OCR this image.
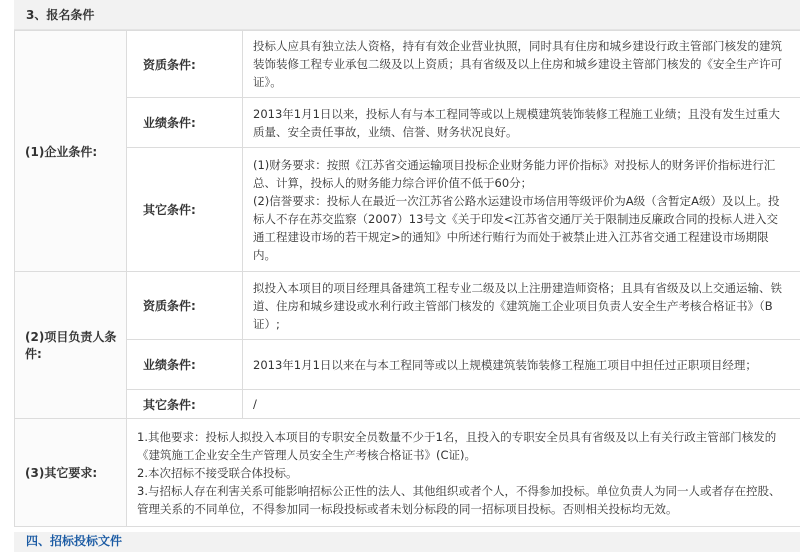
3、报名条件
(1)企业条件:	资质条件:	投标人应具有独立法人资格，持有有效企业营业执照，同时具有住房和城乡建设行政主管部门核发的建筑装饰装修工程专业承包二级及以上资质；具有省级及以上住房和城乡建设主管部门核发的《安全生产许可证》。
	业绩条件:	2013年1月1日以来，投标人有与本工程同等或以上规模建筑装饰装修工程施工业绩；且没有发生过重大质量、安全责任事故，业绩、信誉、财务状况良好。
	其它条件:	(1)财务要求：按照《江苏省交通运输项目投标企业财务能力评价指标》对投标人的财务评价指标进行汇总、计算，投标人的财务能力综合评价值不低于60分；
(2)信誉要求：投标人在最近一次江苏省公路水运建设市场信用等级评价为A级（含暂定A级）及以上。投标人不存在苏交监察（2007）13号文《关于印发<江苏省交通厅关于限制违反廉政合同的投标人进入交通工程建设市场的若干规定>的通知》中所述行贿行为而处于被禁止进入江苏省交通工程建设市场期限内。

(2)项目负责人条件:	资质条件:	拟投入本项目的项目经理具备建筑工程专业二级及以上注册建造师资格；且具有省级及以上交通运输、铁道、住房和城乡建设或水利行政主管部门核发的《建筑施工企业项目负责人安全生产考核合格证书》（B证）;
	业绩条件:	2013年1月1日以来在与本工程同等或以上规模建筑装饰装修工程施工项目中担任过正职项目经理；
	其它条件:	/
(3)其它要求:	1.其他要求：投标人拟投入本项目的专职安全员数量不少于1名，且投入的专职安全员具有省级及以上有关行政主管部门核发的《建筑施工企业安全生产管理人员安全生产考核合格证书》(C证)。
2.本次招标不接受联合体投标。
3.与招标人存在利害关系可能影响招标公正性的法人、其他组织或者个人，不得参加投标。单位负责人为同一人或者存在控股、管理关系的不同单位，不得参加同一标段投标或者未划分标段的同一招标项目投标。否则相关投标均无效。	
四、招标投标文件
